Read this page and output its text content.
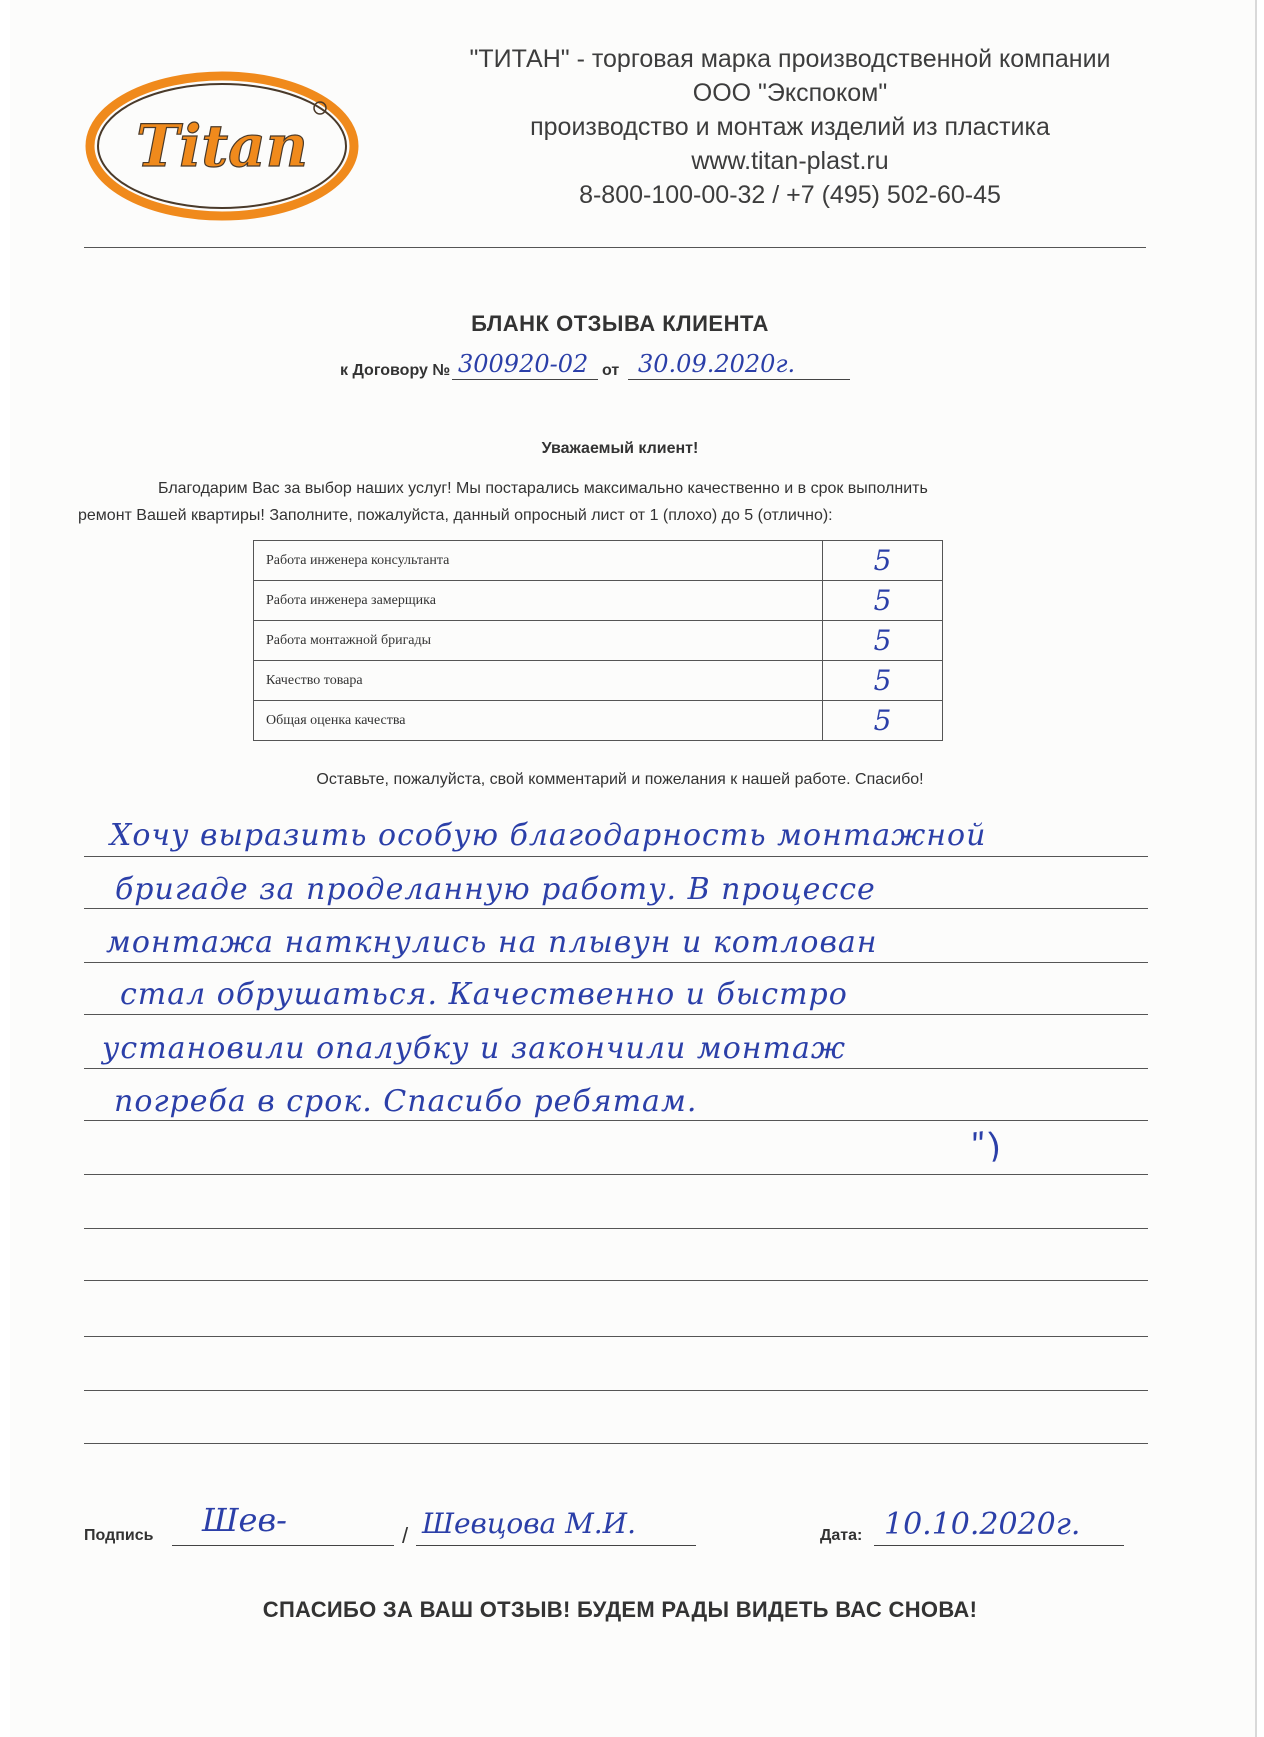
Titan
"ТИТАН" - торговая марка производственной компании
ООО "Экспоком"
производство и монтаж изделий из пластика
www.titan-plast.ru
8-800-100-00-32 / +7 (495) 502-60-45
БЛАНК ОТЗЫВА КЛИЕНТА
к Договору № 300920-02 от 30.09.2020г.
Уважаемый клиент!
Благодарим Вас за выбор наших услуг! Мы постарались максимально качественно и в срок выполнить
ремонт Вашей квартиры! Заполните, пожалуйста, данный опросный лист от 1 (плохо) до 5 (отлично):
Работа инженера консультанта	5
Работа инженера замерщика	5
Работа монтажной бригады	5
Качество товара	5
Общая оценка качества	5
Оставьте, пожалуйста, свой комментарий и пожелания к нашей работе. Спасибо!
Хочу выразить особую благодарность монтажной
бригаде за проделанную работу. В процессе
монтажа наткнулись на плывун и котлован
стал обрушаться. Качественно и быстро
установили опалубку и закончили монтаж
погреба в срок. Спасибо ребятам.
ʺ)
Подпись Шев-	/ Шевцова М.И.	Дата: 10.10.2020г.
СПАСИБО ЗА ВАШ ОТЗЫВ! БУДЕМ РАДЫ ВИДЕТЬ ВАС СНОВА!
